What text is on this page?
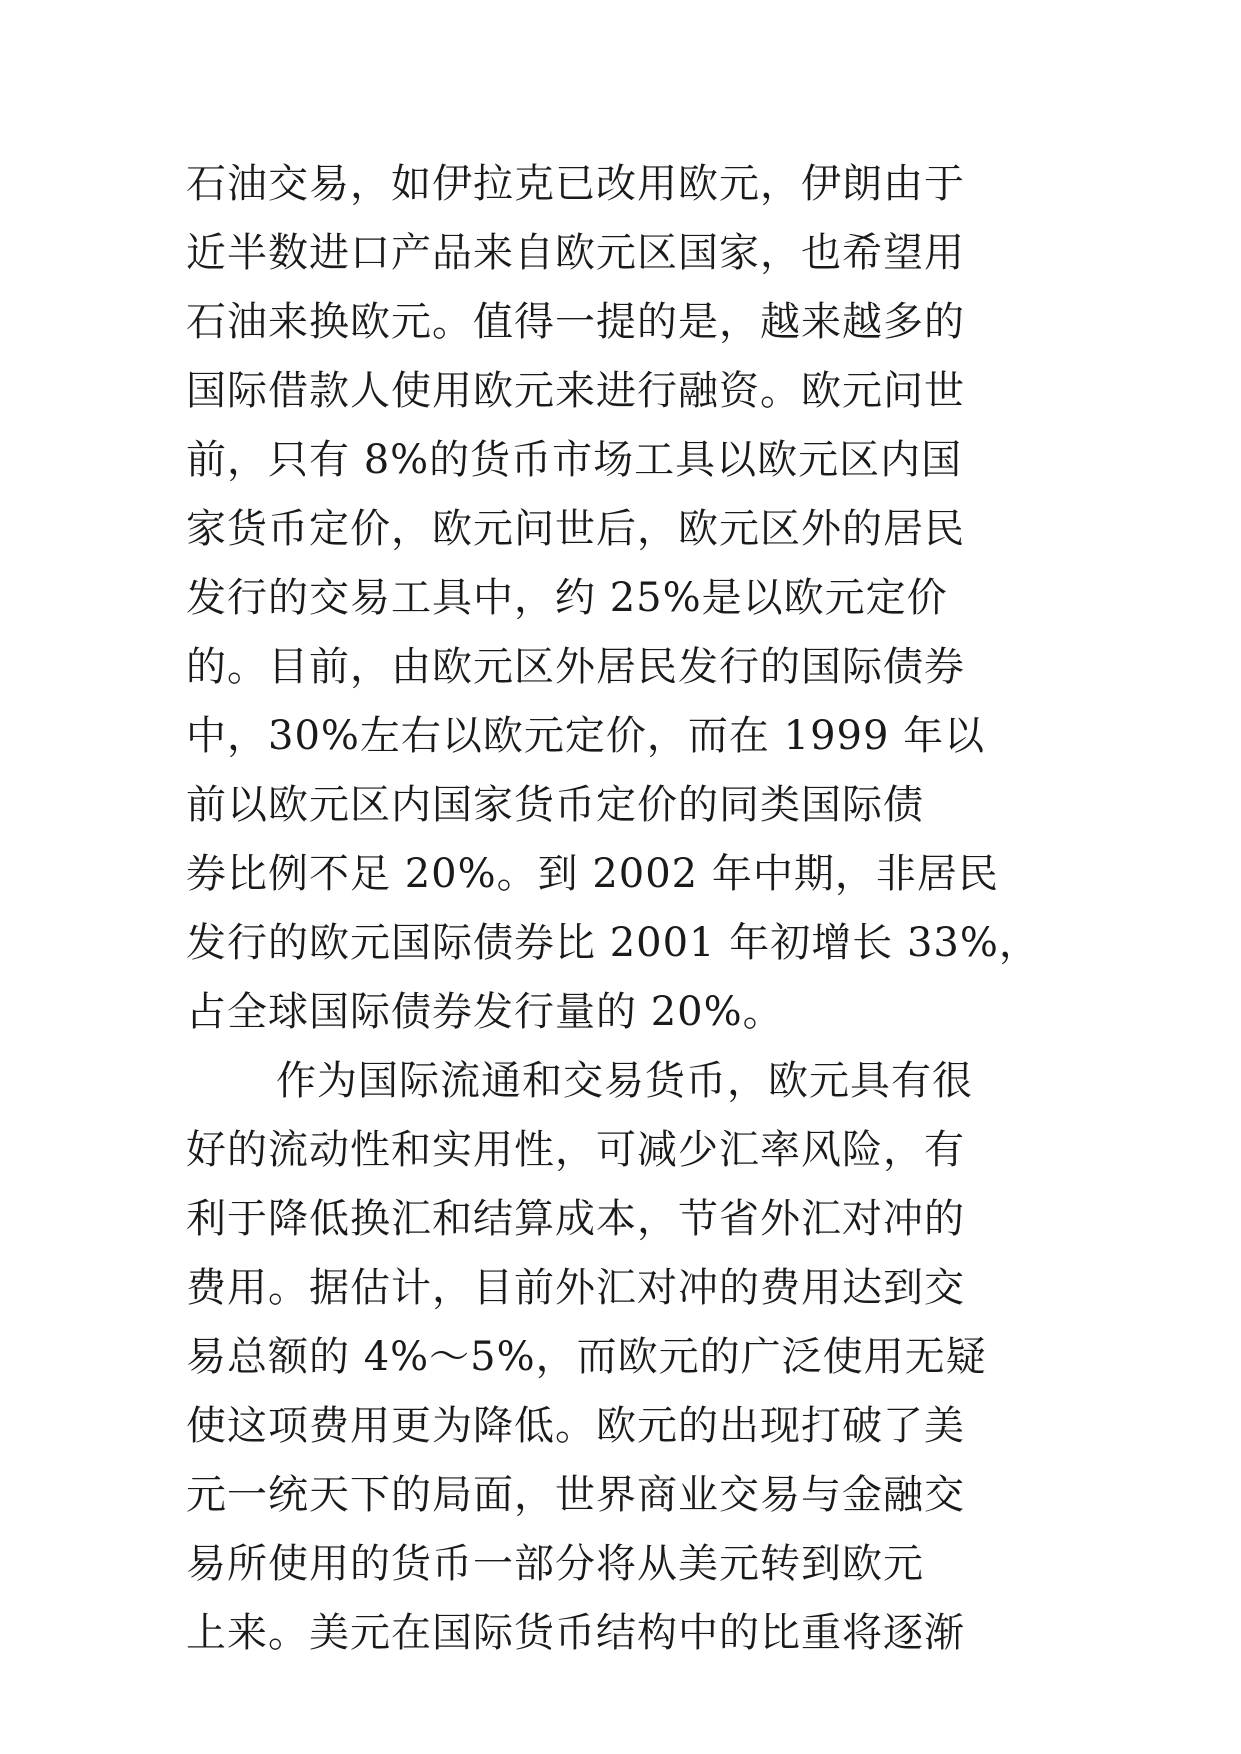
石油交易，如伊拉克已改用欧元，伊朗由于
近半数进口产品来自欧元区国家，也希望用
石油来换欧元。值得一提的是，越来越多的
国际借款人使用欧元来进行融资。欧元问世
前，只有 8%的货币市场工具以欧元区内国
家货币定价，欧元问世后，欧元区外的居民
发行的交易工具中，约 25%是以欧元定价
的。目前，由欧元区外居民发行的国际债券
中，30%左右以欧元定价，而在 1999 年以
前以欧元区内国家货币定价的同类国际债
券比例不足 20%。到 2002 年中期，非居民
发行的欧元国际债券比 2001 年初增长 33%，
占全球国际债券发行量的 20%。
作为国际流通和交易货币，欧元具有很
好的流动性和实用性，可减少汇率风险，有
利于降低换汇和结算成本，节省外汇对冲的
费用。据估计，目前外汇对冲的费用达到交
易总额的 4%～5%，而欧元的广泛使用无疑
使这项费用更为降低。欧元的出现打破了美
元一统天下的局面，世界商业交易与金融交
易所使用的货币一部分将从美元转到欧元
上来。美元在国际货币结构中的比重将逐渐
